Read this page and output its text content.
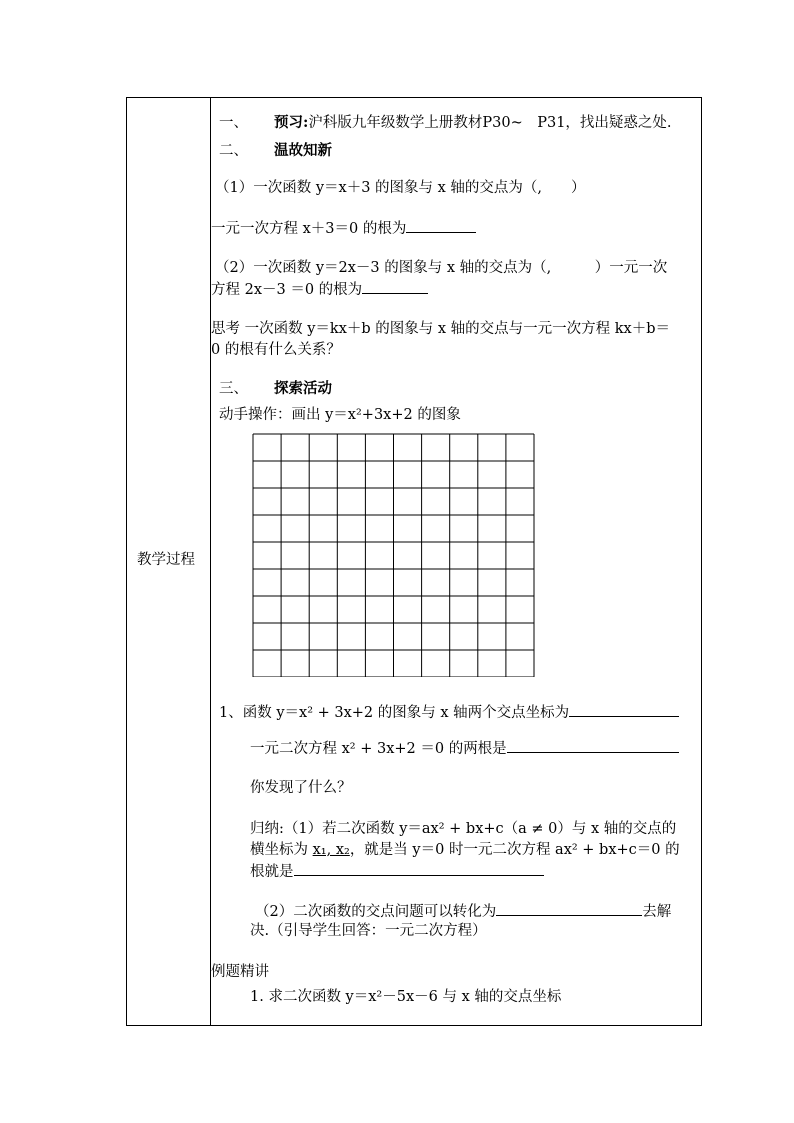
教学过程
一、 预习:沪科版九年级数学上册教材P30~　P31，找出疑惑之处.
二、 温故知新
（1）一次函数 y＝x＋3 的图象与 x 轴的交点为（,　　）
一元一次方程 x＋3＝0 的根为
（2）一次函数 y＝2x－3 的图象与 x 轴的交点为（,　　　）一元一次
方程 2x－3 ＝0 的根为
思考 一次函数 y＝kx＋b 的图象与 x 轴的交点与一元一次方程 kx＋b＝
0 的根有什么关系？
三、 探索活动
动手操作：画出 y＝x²+3x+2 的图象
1、函数 y＝x² + 3x+2 的图象与 x 轴两个交点坐标为
一元二次方程 x² + 3x+2 ＝0 的两根是
你发现了什么？
归纳:（1）若二次函数 y＝ax² + bx+c（a ≠ 0）与 x 轴的交点的
横坐标为 x₁, x₂，就是当 y＝0 时一元二次方程 ax² + bx+c＝0 的
根就是
（2）二次函数的交点问题可以转化为	去解
决.（引导学生回答：一元二次方程）
例题精讲
1. 求二次函数 y＝x²－5x－6 与 x 轴的交点坐标
